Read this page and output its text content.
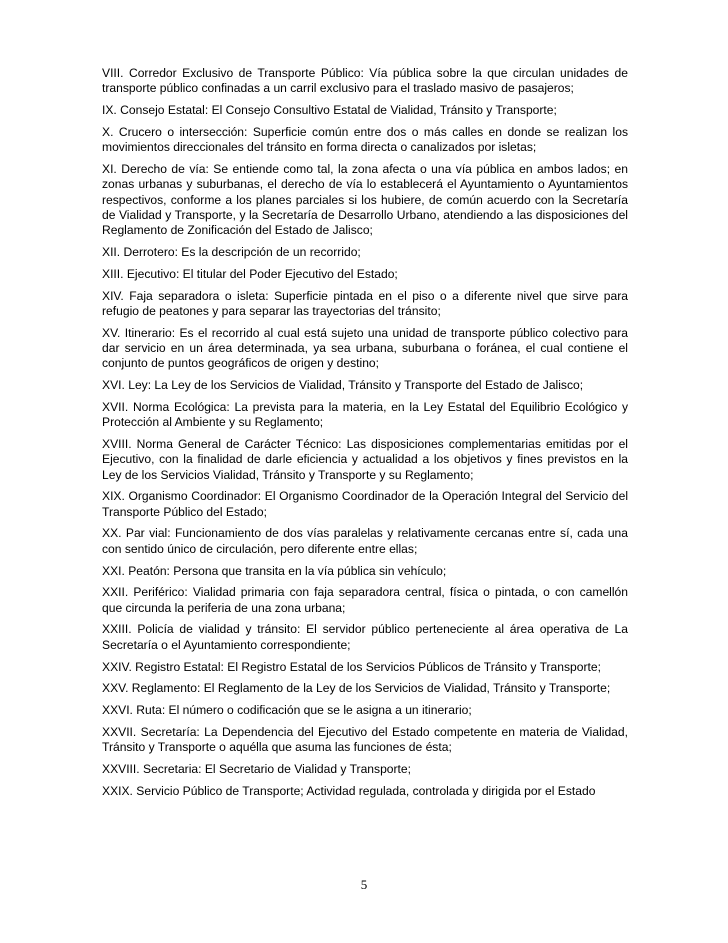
VIII. Corredor Exclusivo de Transporte Público: Vía pública sobre la que circulan unidades de transporte público confinadas a un carril exclusivo para el traslado masivo de pasajeros;

IX. Consejo Estatal: El Consejo Consultivo Estatal de Vialidad, Tránsito y Transporte;

X. Crucero o intersección: Superficie común entre dos o más calles en donde se realizan los movimientos direccionales del tránsito en forma directa o canalizados por isletas;

XI. Derecho de vía: Se entiende como tal, la zona afecta o una vía pública en ambos lados; en zonas urbanas y suburbanas, el derecho de vía lo establecerá el Ayuntamiento o Ayuntamientos respectivos, conforme a los planes parciales si los hubiere, de común acuerdo con la Secretaría de Vialidad y Transporte, y la Secretaría de Desarrollo Urbano, atendiendo a las disposiciones del Reglamento de Zonificación del Estado de Jalisco;

XII. Derrotero: Es la descripción de un recorrido;

XIII. Ejecutivo: El titular del Poder Ejecutivo del Estado;

XIV. Faja separadora o isleta: Superficie pintada en el piso o a diferente nivel que sirve para refugio de peatones y para separar las trayectorias del tránsito;

XV. Itinerario: Es el recorrido al cual está sujeto una unidad de transporte público colectivo para dar servicio en un área determinada, ya sea urbana, suburbana o foránea, el cual contiene el conjunto de puntos geográficos de origen y destino;

XVI. Ley: La Ley de los Servicios de Vialidad, Tránsito y Transporte del Estado de Jalisco;

XVII. Norma Ecológica: La prevista para la materia, en la Ley Estatal del Equilibrio Ecológico y Protección al Ambiente y su Reglamento;

XVIII. Norma General de Carácter Técnico: Las disposiciones complementarias emitidas por el Ejecutivo, con la finalidad de darle eficiencia y actualidad a los objetivos y fines previstos en la Ley de los Servicios Vialidad, Tránsito y Transporte y su Reglamento;

XIX. Organismo Coordinador: El Organismo Coordinador de la Operación Integral del Servicio del Transporte Público del Estado;

XX. Par vial: Funcionamiento de dos vías paralelas y relativamente cercanas entre sí, cada una con sentido único de circulación, pero diferente entre ellas;

XXI. Peatón: Persona que transita en la vía pública sin vehículo;

XXII. Periférico: Vialidad primaria con faja separadora central, física o pintada, o con camellón que circunda la periferia de una zona urbana;

XXIII. Policía de vialidad y tránsito: El servidor público perteneciente al área operativa de La Secretaría o el Ayuntamiento correspondiente;

XXIV. Registro Estatal: El Registro Estatal de los Servicios Públicos de Tránsito y Transporte;

XXV. Reglamento: El Reglamento de la Ley de los Servicios de Vialidad, Tránsito y Transporte;

XXVI. Ruta: El número o codificación que se le asigna a un itinerario;

XXVII. Secretaría: La Dependencia del Ejecutivo del Estado competente en materia de Vialidad, Tránsito y Transporte o aquélla que asuma las funciones de ésta;

XXVIII. Secretaria: El Secretario de Vialidad y Transporte;

XXIX. Servicio Público de Transporte; Actividad regulada, controlada y dirigida por el Estado

5
